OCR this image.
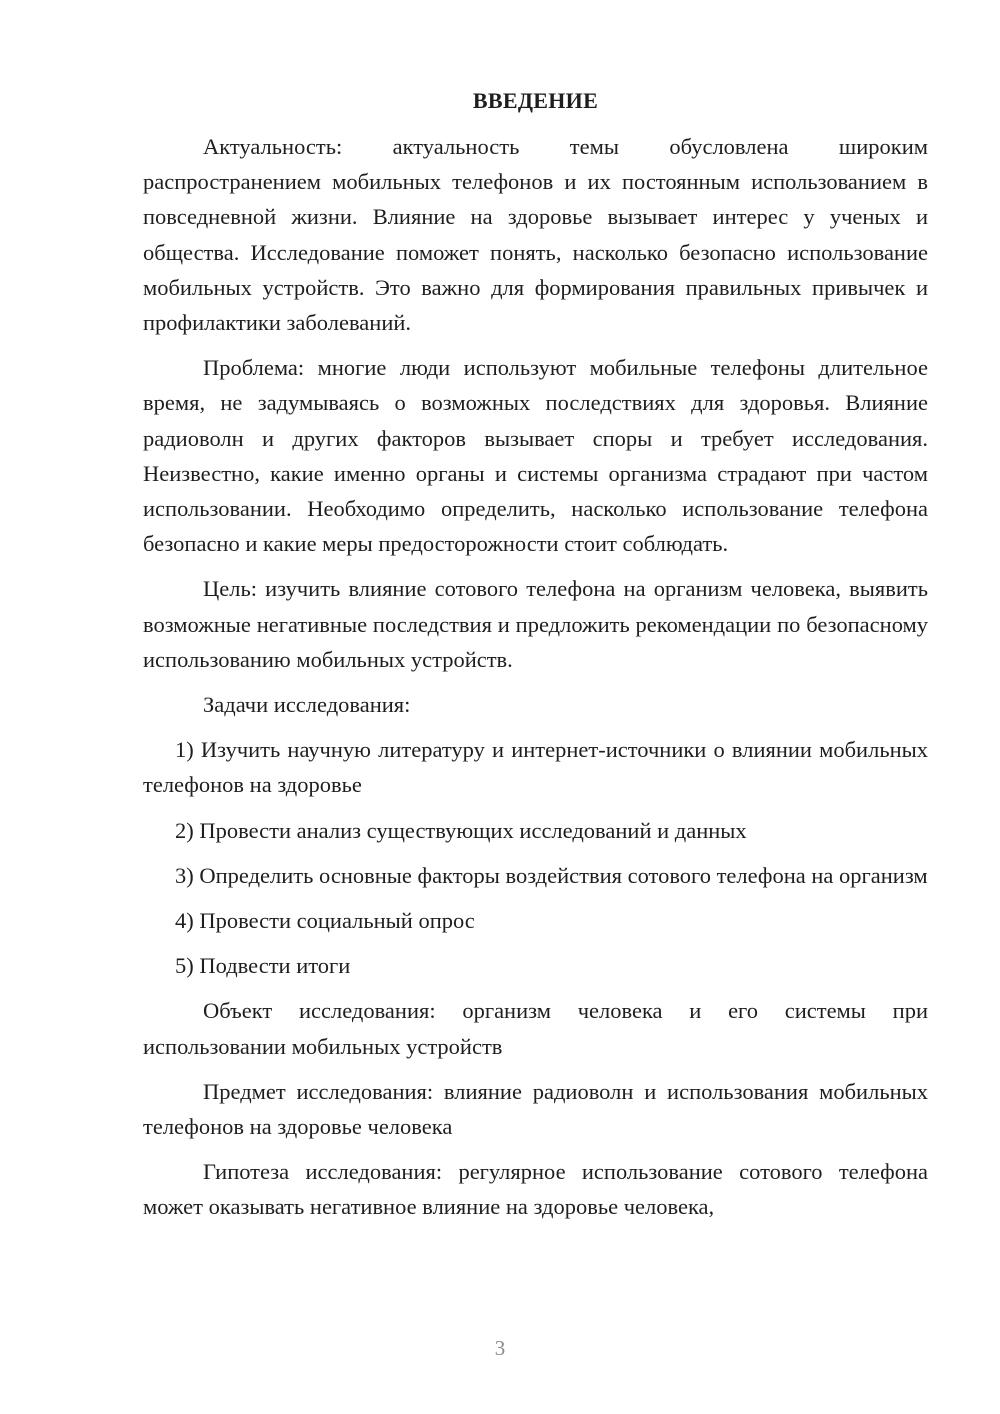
ВВЕДЕНИЕ

Актуальность: актуальность темы обусловлена широким распространением мобильных телефонов и их постоянным использованием в повседневной жизни. Влияние на здоровье вызывает интерес у ученых и общества. Исследование поможет понять, насколько безопасно использование мобильных устройств. Это важно для формирования правильных привычек и профилактики заболеваний.

Проблема: многие люди используют мобильные телефоны длительное время, не задумываясь о возможных последствиях для здоровья. Влияние радиоволн и других факторов вызывает споры и требует исследования. Неизвестно, какие именно органы и системы организма страдают при частом использовании. Необходимо определить, насколько использование телефона безопасно и какие меры предосторожности стоит соблюдать.

Цель: изучить влияние сотового телефона на организм человека, выявить возможные негативные последствия и предложить рекомендации по безопасному использованию мобильных устройств.

Задачи исследования:

1) Изучить научную литературу и интернет-источники о влиянии мобильных телефонов на здоровье

2) Провести анализ существующих исследований и данных

3) Определить основные факторы воздействия сотового телефона на организм

4) Провести социальный опрос

5) Подвести итоги

Объект исследования: организм человека и его системы при использовании мобильных устройств

Предмет исследования: влияние радиоволн и использования мобильных телефонов на здоровье человека

Гипотеза исследования: регулярное использование сотового телефона может оказывать негативное влияние на здоровье человека,

3
